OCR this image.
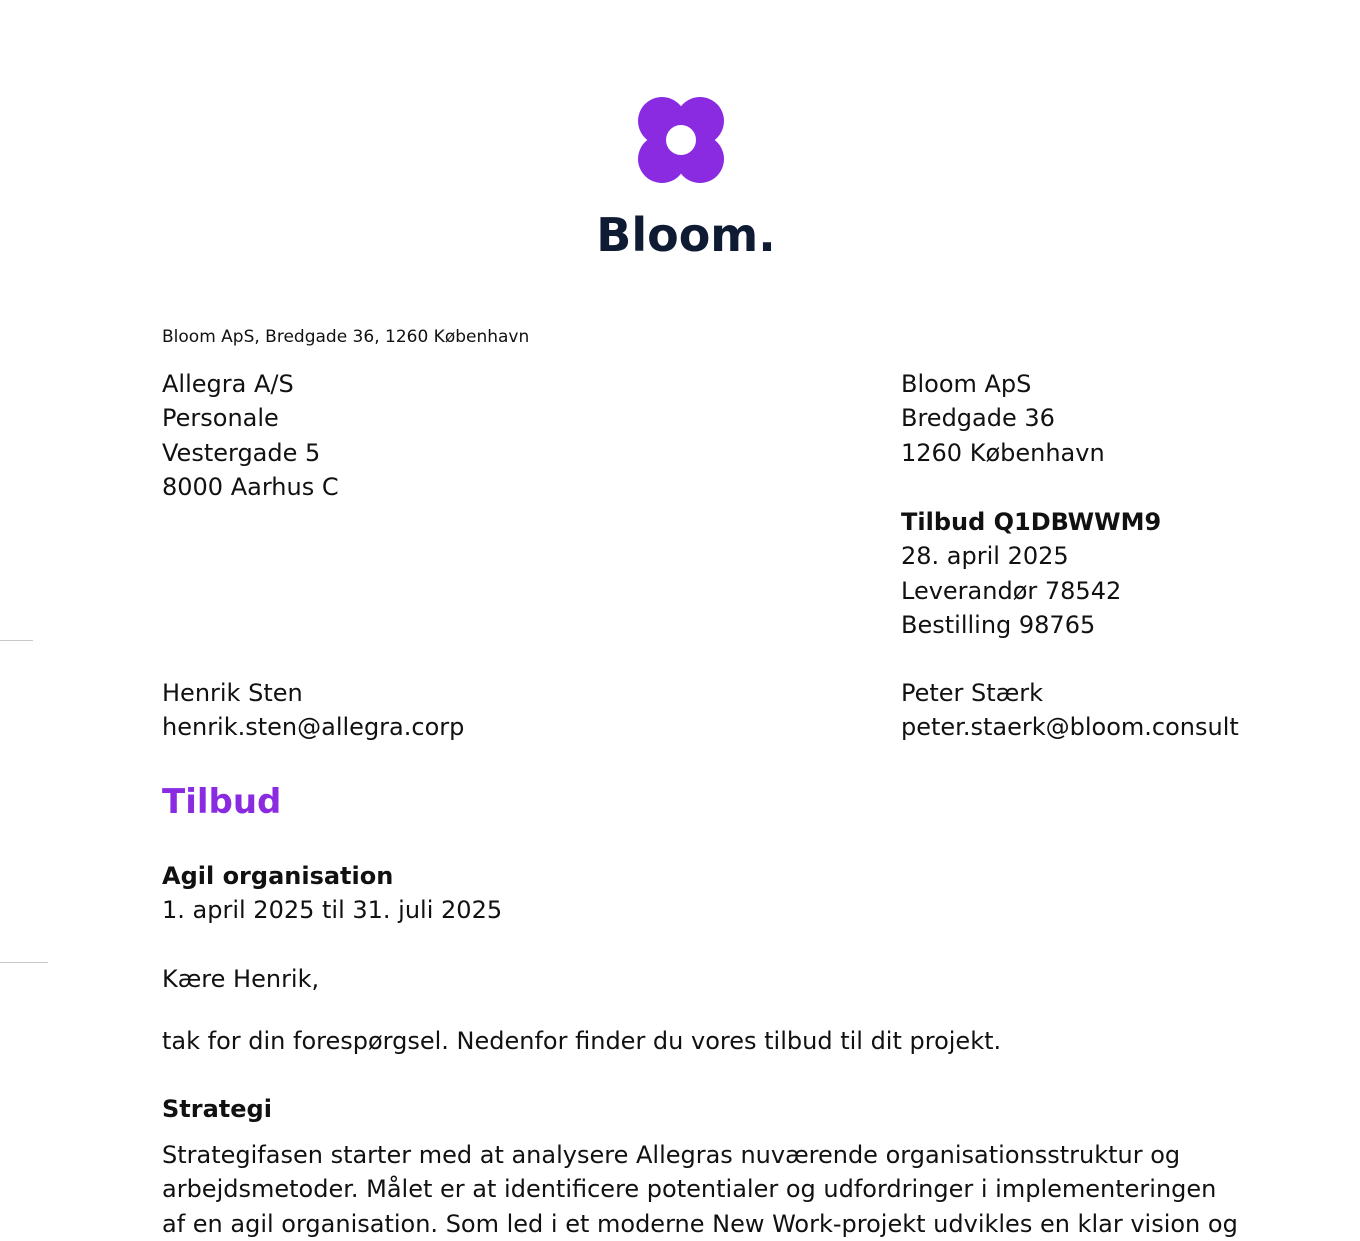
Bloom.
Bloom ApS, Bredgade 36, 1260 København
Allegra A/S
Personale
Vestergade 5
8000 Aarhus C
Bloom ApS
Bredgade 36
1260 København
Tilbud Q1DBWWM9
28. april 2025
Leverandør 78542
Bestilling 98765
Henrik Sten
henrik.sten@allegra.corp
Peter Stærk
peter.staerk@bloom.consult
Tilbud
Agil organisation
1. april 2025 til 31. juli 2025
Kære Henrik,
tak for din forespørgsel. Nedenfor finder du vores tilbud til dit projekt.
Strategi
Strategifasen starter med at analysere Allegras nuværende organisationsstruktur og
arbejdsmetoder. Målet er at identificere potentialer og udfordringer i implementeringen
af en agil organisation. Som led i et moderne New Work-projekt udvikles en klar vision og
